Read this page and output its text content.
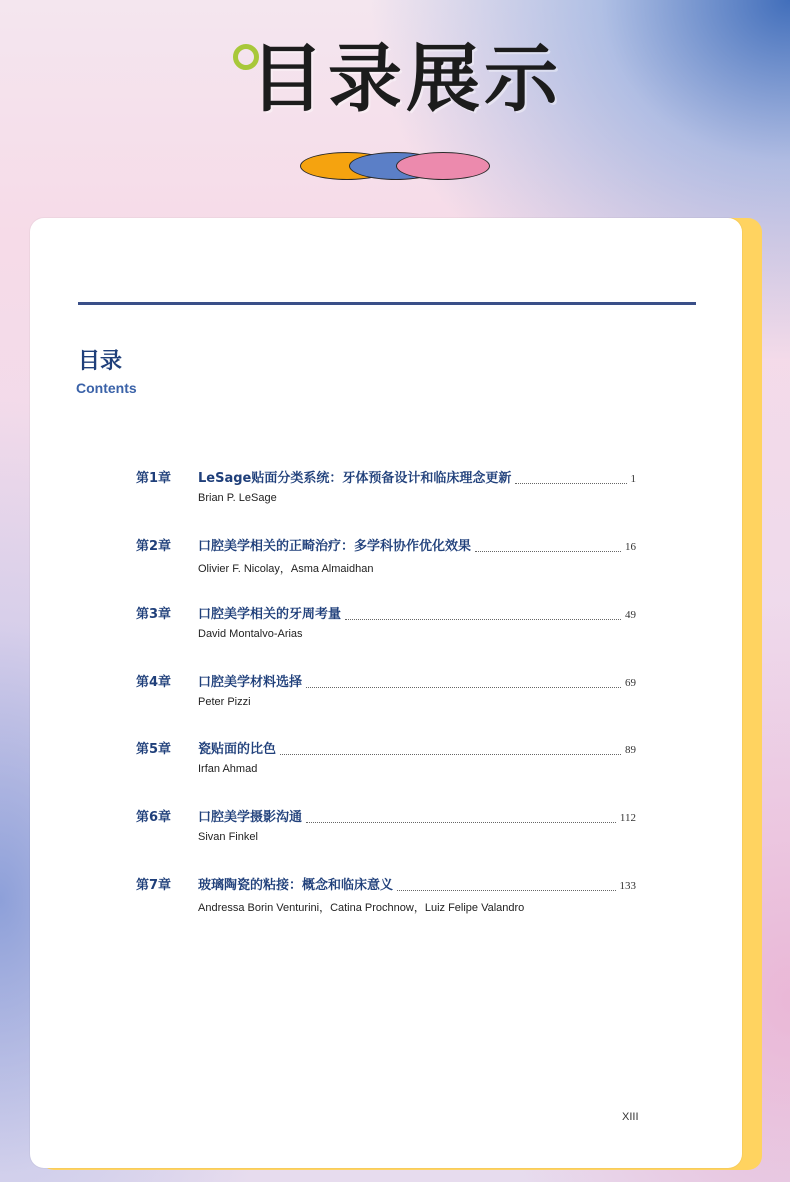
目录展示
目录
Contents
第1章 LeSage贴面分类系统：牙体预备设计和临床理念更新	1
Brian P. LeSage
第2章 口腔美学相关的正畸治疗：多学科协作优化效果	16
Olivier F. Nicolay，Asma Almaidhan
第3章 口腔美学相关的牙周考量	49
David Montalvo-Arias
第4章 口腔美学材料选择	69
Peter Pizzi
第5章 瓷贴面的比色	89
Irfan Ahmad
第6章 口腔美学摄影沟通	112
Sivan Finkel
第7章 玻璃陶瓷的粘接：概念和临床意义	133
Andressa Borin Venturini，Catina Prochnow，Luiz Felipe Valandro
XIII
